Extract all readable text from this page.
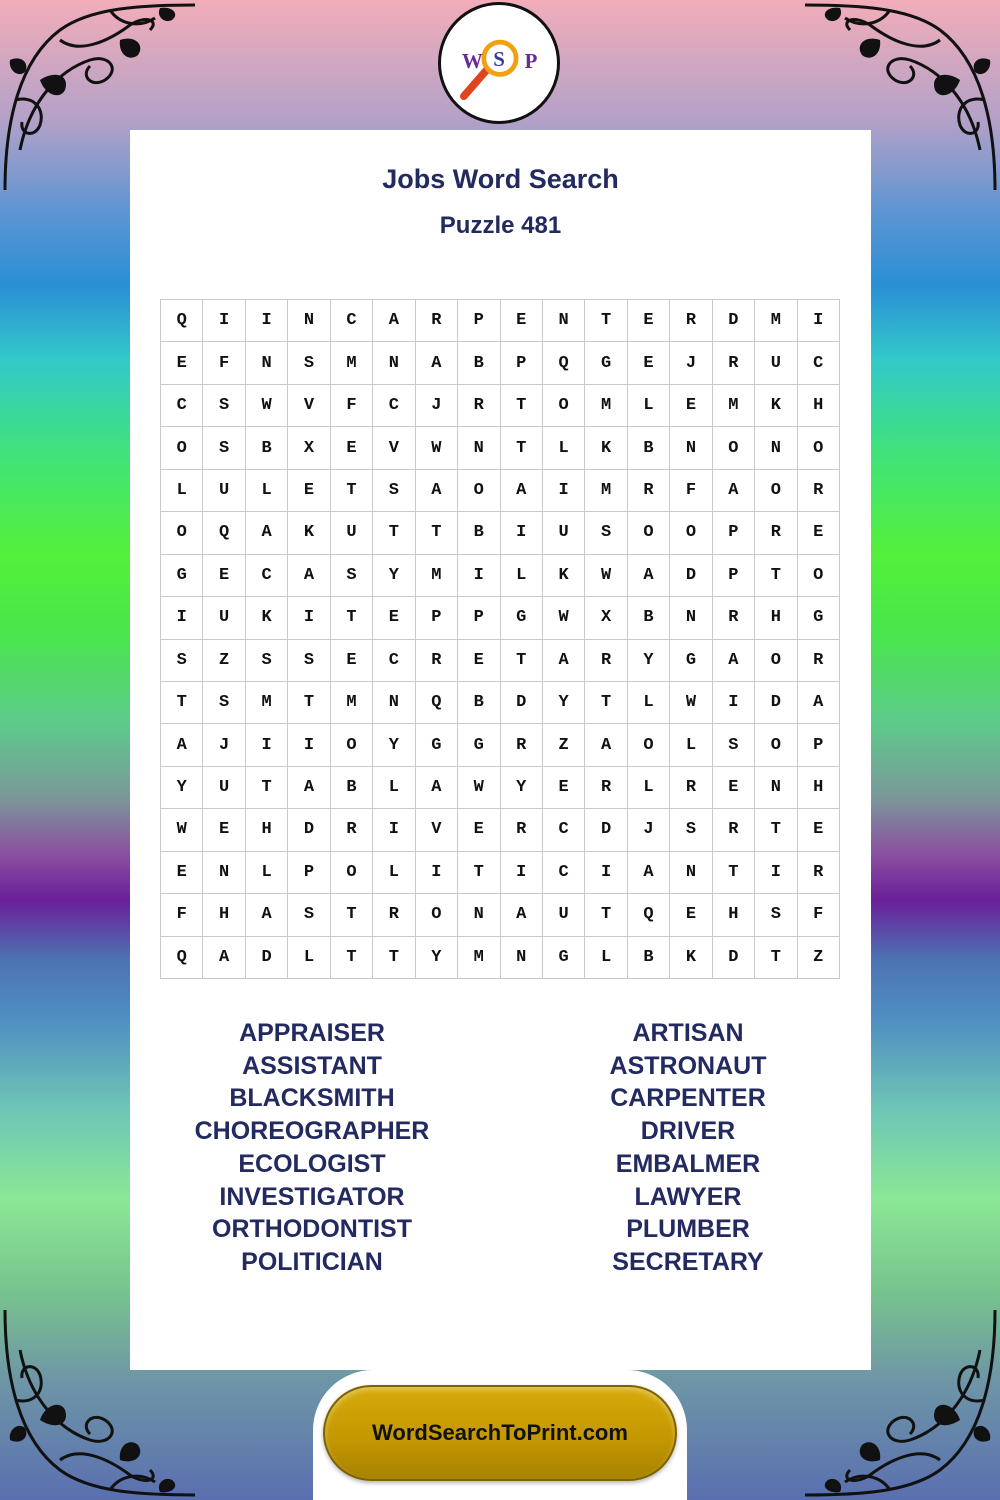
W S P
Jobs Word Search
Puzzle 481
Q	I	I	N	C	A	R	P	E	N	T	E	R	D	M	I
E	F	N	S	M	N	A	B	P	Q	G	E	J	R	U	C
C	S	W	V	F	C	J	R	T	O	M	L	E	M	K	H
O	S	B	X	E	V	W	N	T	L	K	B	N	O	N	O
L	U	L	E	T	S	A	O	A	I	M	R	F	A	O	R
O	Q	A	K	U	T	T	B	I	U	S	O	O	P	R	E
G	E	C	A	S	Y	M	I	L	K	W	A	D	P	T	O
I	U	K	I	T	E	P	P	G	W	X	B	N	R	H	G
S	Z	S	S	E	C	R	E	T	A	R	Y	G	A	O	R
T	S	M	T	M	N	Q	B	D	Y	T	L	W	I	D	A
A	J	I	I	O	Y	G	G	R	Z	A	O	L	S	O	P
Y	U	T	A	B	L	A	W	Y	E	R	L	R	E	N	H
W	E	H	D	R	I	V	E	R	C	D	J	S	R	T	E
E	N	L	P	O	L	I	T	I	C	I	A	N	T	I	R
F	H	A	S	T	R	O	N	A	U	T	Q	E	H	S	F
Q	A	D	L	T	T	Y	M	N	G	L	B	K	D	T	Z
APPRAISER
ASSISTANT
BLACKSMITH
CHOREOGRAPHER
ECOLOGIST
INVESTIGATOR
ORTHODONTIST
POLITICIAN
ARTISAN
ASTRONAUT
CARPENTER
DRIVER
EMBALMER
LAWYER
PLUMBER
SECRETARY
WordSearchToPrint.com
